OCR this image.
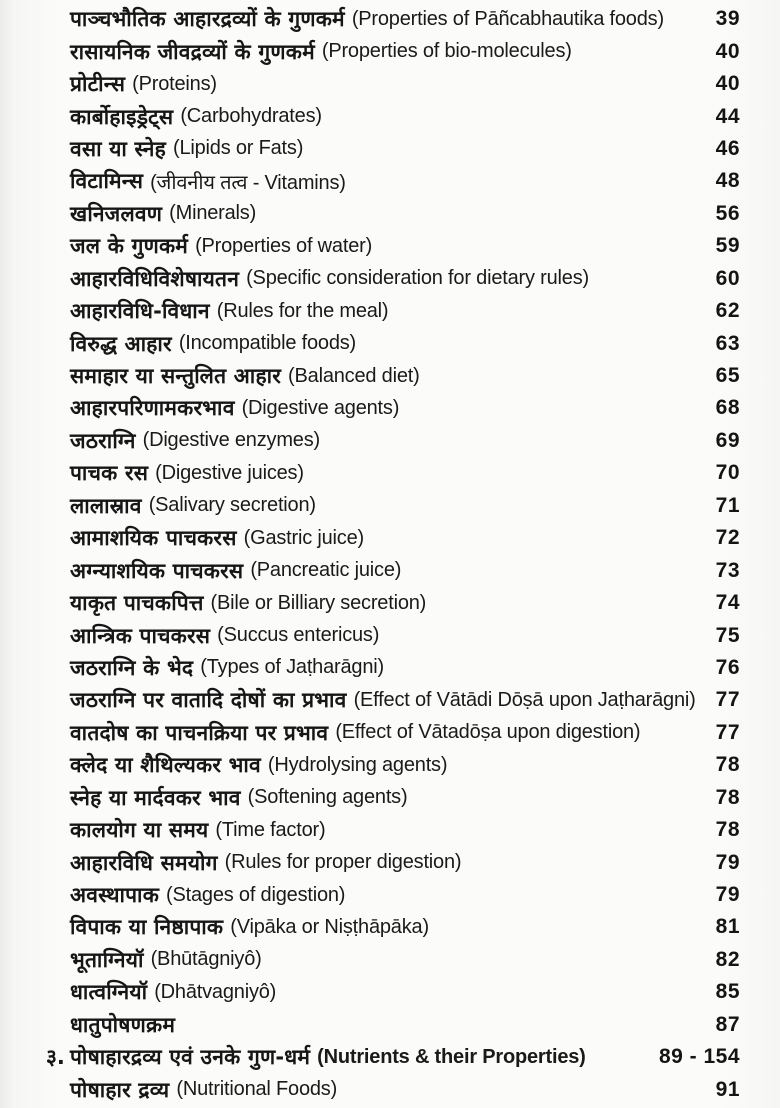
पाञ्चभौतिक आहारद्रव्यों के गुणकर्म (Properties of Pāñcabhautika foods)	39
रासायनिक जीवद्रव्यों के गुणकर्म (Properties of bio-molecules)	40
प्रोटीन्स (Proteins)	40
कार्बोहाइड्रेट्स (Carbohydrates)	44
वसा या स्नेह (Lipids or Fats)	46
विटामिन्स (जीवनीय तत्व - Vitamins)	48
खनिजलवण (Minerals)	56
जल के गुणकर्म (Properties of water)	59
आहारविधिविशेषायतन (Specific consideration for dietary rules)	60
आहारविधि-विधान (Rules for the meal)	62
विरुद्ध आहार (Incompatible foods)	63
समाहार या सन्तुलित आहार (Balanced diet)	65
आहारपरिणामकरभाव (Digestive agents)	68
जठराग्नि (Digestive enzymes)	69
पाचक रस (Digestive juices)	70
लालास्राव (Salivary secretion)	71
आमाशयिक पाचकरस (Gastric juice)	72
अग्न्याशयिक पाचकरस (Pancreatic juice)	73
याकृत पाचकपित्त (Bile or Billiary secretion)	74
आन्त्रिक पाचकरस (Succus entericus)	75
जठराग्नि के भेद (Types of Jaṭharāgni)	76
जठराग्नि पर वातादि दोषों का प्रभाव (Effect of Vātādi Dōṣā upon Jaṭharāgni) 77
वातदोष का पाचनक्रिया पर प्रभाव (Effect of Vātadōṣa upon digestion)	77
क्लेद या शैथिल्यकर भाव (Hydrolysing agents)	78
स्नेह या मार्दवकर भाव (Softening agents)	78
कालयोग या समय (Time factor)	78
आहारविधि समयोग (Rules for proper digestion)	79
अवस्थापाक (Stages of digestion)	79
विपाक या निष्ठापाक (Vipāka or Niṣṭhāpāka)	81
भूताग्नियॉ (Bhūtāgniyô)	82
धात्वग्नियॉ (Dhātvagniyô)	85
धातुपोषणक्रम	87
३. पोषाहारद्रव्य एवं उनके गुण-धर्म (Nutrients & their Properties)	89 - 154
पोषाहार द्रव्य (Nutritional Foods)	91
